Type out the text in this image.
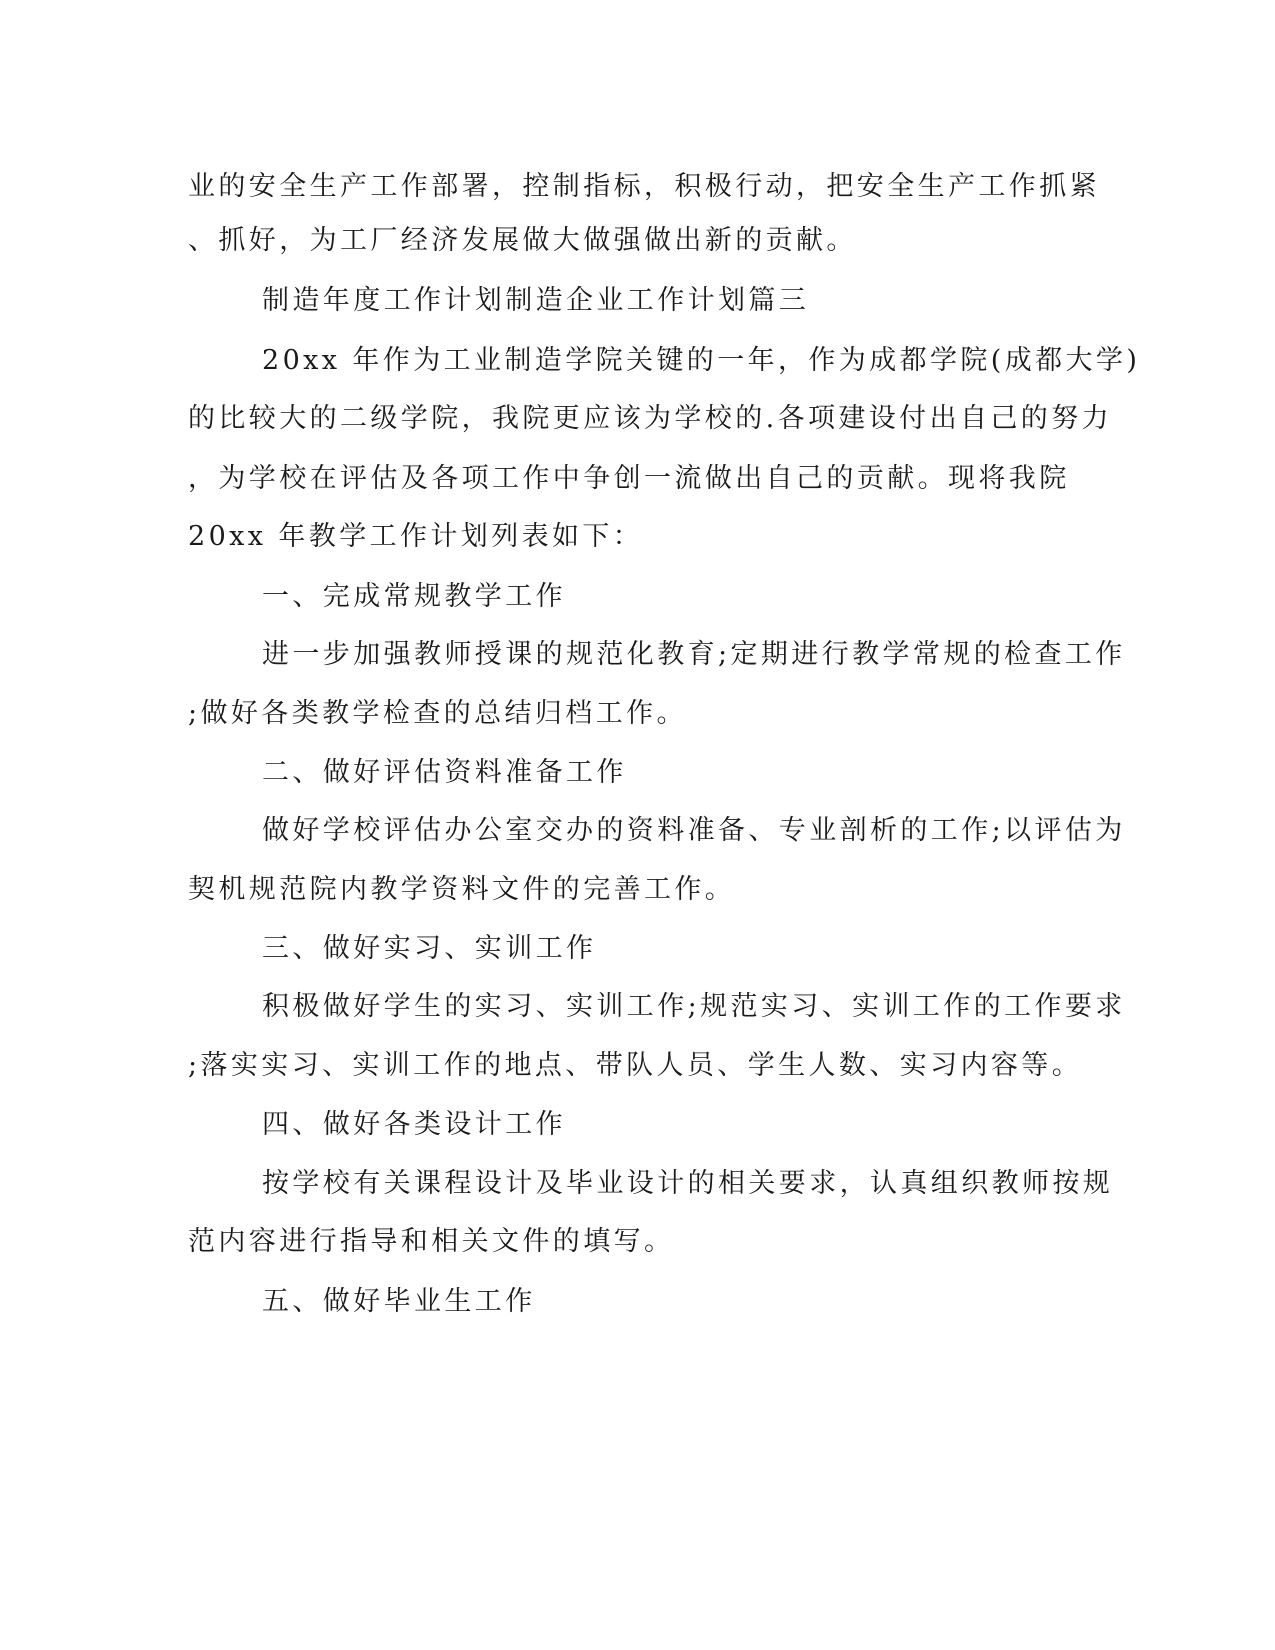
业的安全生产工作部署，控制指标，积极行动，把安全生产工作抓紧
、抓好，为工厂经济发展做大做强做出新的贡献。
制造年度工作计划制造企业工作计划篇三
20xx 年作为工业制造学院关键的一年，作为成都学院(成都大学)
的比较大的二级学院，我院更应该为学校的.各项建设付出自己的努力
，为学校在评估及各项工作中争创一流做出自己的贡献。现将我院
20xx 年教学工作计划列表如下：
一、完成常规教学工作
进一步加强教师授课的规范化教育;定期进行教学常规的检查工作
;做好各类教学检查的总结归档工作。
二、做好评估资料准备工作
做好学校评估办公室交办的资料准备、专业剖析的工作;以评估为
契机规范院内教学资料文件的完善工作。
三、做好实习、实训工作
积极做好学生的实习、实训工作;规范实习、实训工作的工作要求
;落实实习、实训工作的地点、带队人员、学生人数、实习内容等。
四、做好各类设计工作
按学校有关课程设计及毕业设计的相关要求，认真组织教师按规
范内容进行指导和相关文件的填写。
五、做好毕业生工作
